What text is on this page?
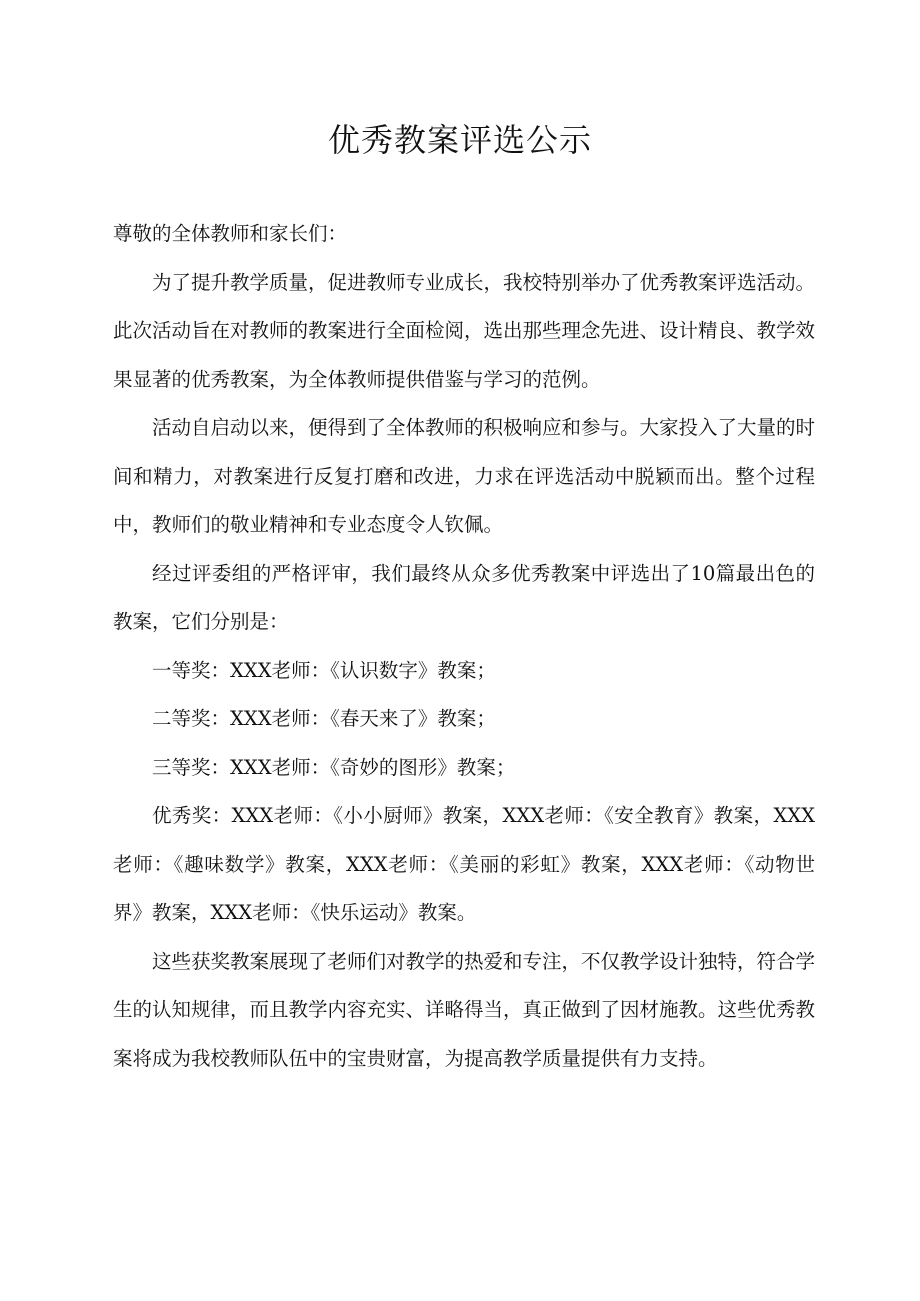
优秀教案评选公示

尊敬的全体教师和家长们：

为了提升教学质量，促进教师专业成长，我校特别举办了优秀教案评选活动。此次活动旨在对教师的教案进行全面检阅，选出那些理念先进、设计精良、教学效果显著的优秀教案，为全体教师提供借鉴与学习的范例。

活动自启动以来，便得到了全体教师的积极响应和参与。大家投入了大量的时间和精力，对教案进行反复打磨和改进，力求在评选活动中脱颖而出。整个过程中，教师们的敬业精神和专业态度令人钦佩。

经过评委组的严格评审，我们最终从众多优秀教案中评选出了10篇最出色的教案，它们分别是：

一等奖：XXX老师：《认识数字》教案；

二等奖：XXX老师：《春天来了》教案；

三等奖：XXX老师：《奇妙的图形》教案；

优秀奖：XXX老师：《小小厨师》教案，XXX老师：《安全教育》教案，XXX老师：《趣味数学》教案，XXX老师：《美丽的彩虹》教案，XXX老师：《动物世界》教案，XXX老师：《快乐运动》教案。

这些获奖教案展现了老师们对教学的热爱和专注，不仅教学设计独特，符合学生的认知规律，而且教学内容充实、详略得当，真正做到了因材施教。这些优秀教案将成为我校教师队伍中的宝贵财富，为提高教学质量提供有力支持。
